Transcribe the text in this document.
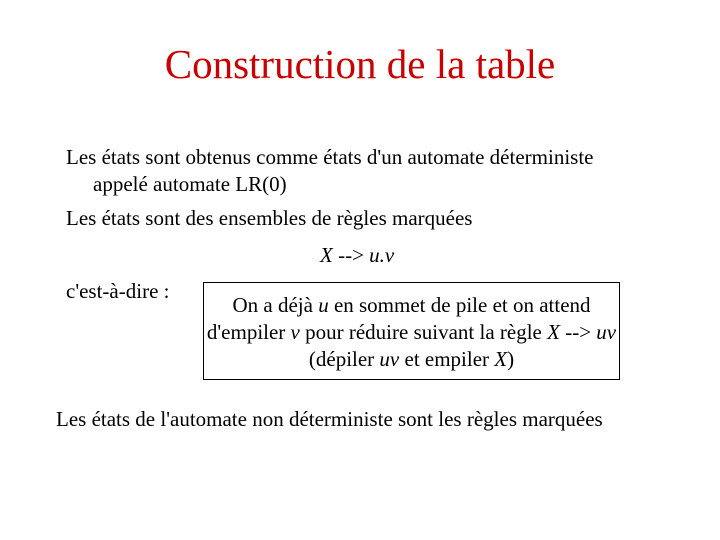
Construction de la table
Les états sont obtenus comme états d'un automate déterministe appelé automate LR(0)
Les états sont des ensembles de règles marquées
X --> u.v
c'est-à-dire :
On a déjà u en sommet de pile et on attend d'empiler v pour réduire suivant la règle X --> uv (dépiler uv et empiler X)
Les états de l'automate non déterministe sont les règles marquées
